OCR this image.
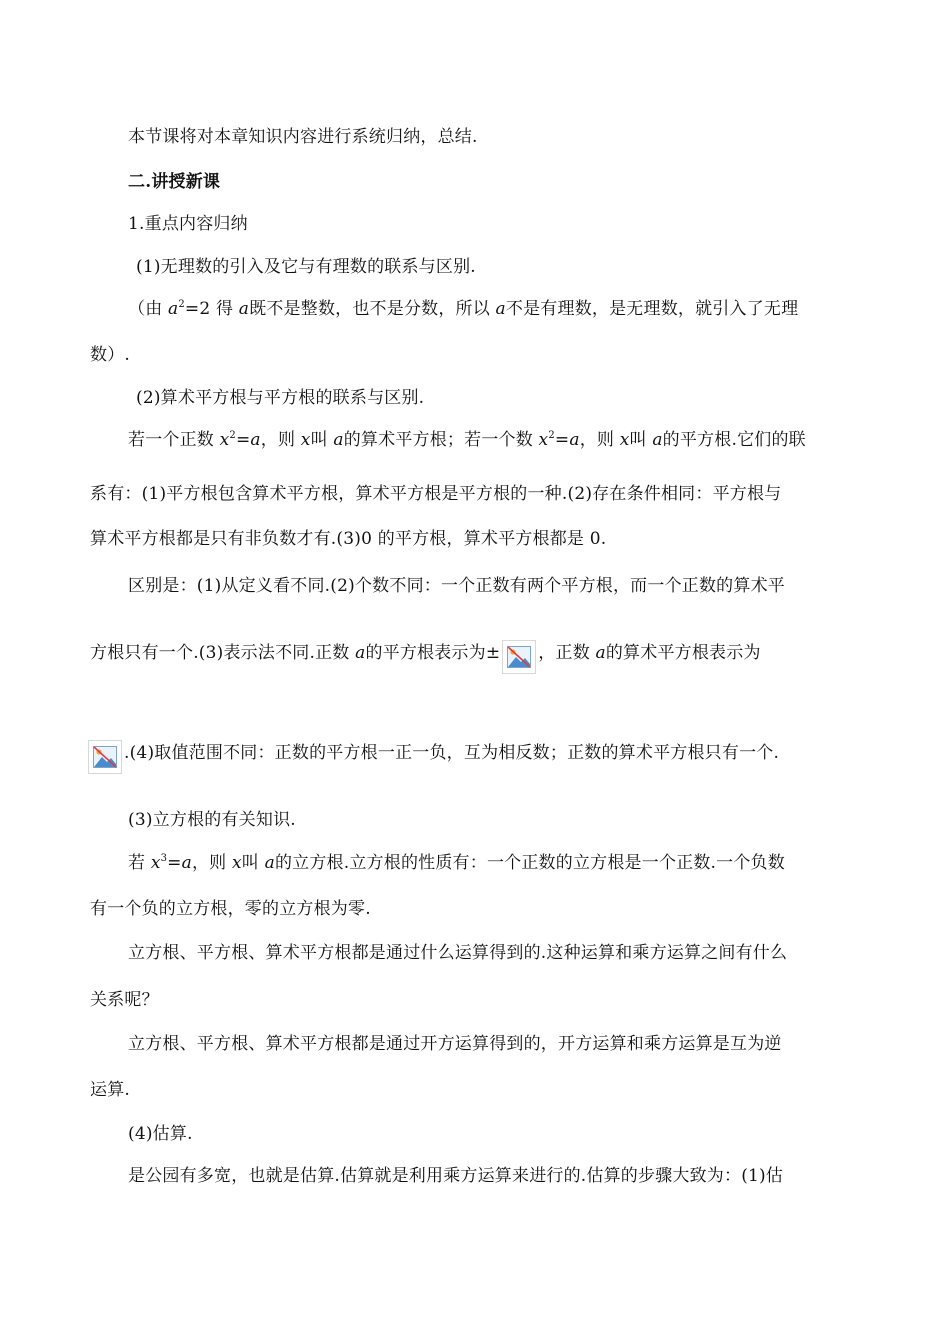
本节课将对本章知识内容进行系统归纳，总结.
二.讲授新课
1.重点内容归纳
(1)无理数的引入及它与有理数的联系与区别.
（由 $a^2=2$ 得 a既不是整数，也不是分数，所以 a不是有理数，是无理数，就引入了无理
数）.
(2)算术平方根与平方根的联系与区别.
若一个正数 $x^2=a$，则 x叫 a的算术平方根；若一个数 $x^2=a$，则 x叫 a的平方根.它们的联
系有：(1)平方根包含算术平方根，算术平方根是平方根的一种.(2)存在条件相同：平方根与
算术平方根都是只有非负数才有.(3)0 的平方根，算术平方根都是 0.
区别是：(1)从定义看不同.(2)个数不同：一个正数有两个平方根，而一个正数的算术平
方根只有一个.(3)表示法不同.正数 a的平方根表示为± ，正数 a的算术平方根表示为
.(4)取值范围不同：正数的平方根一正一负，互为相反数；正数的算术平方根只有一个.
(3)立方根的有关知识.
若 $x^3=a$，则 x叫 a的立方根.立方根的性质有：一个正数的立方根是一个正数.一个负数
有一个负的立方根，零的立方根为零.
立方根、平方根、算术平方根都是通过什么运算得到的.这种运算和乘方运算之间有什么
关系呢？
立方根、平方根、算术平方根都是通过开方运算得到的，开方运算和乘方运算是互为逆
运算.
(4)估算.
是公园有多宽，也就是估算.估算就是利用乘方运算来进行的.估算的步骤大致为：(1)估
